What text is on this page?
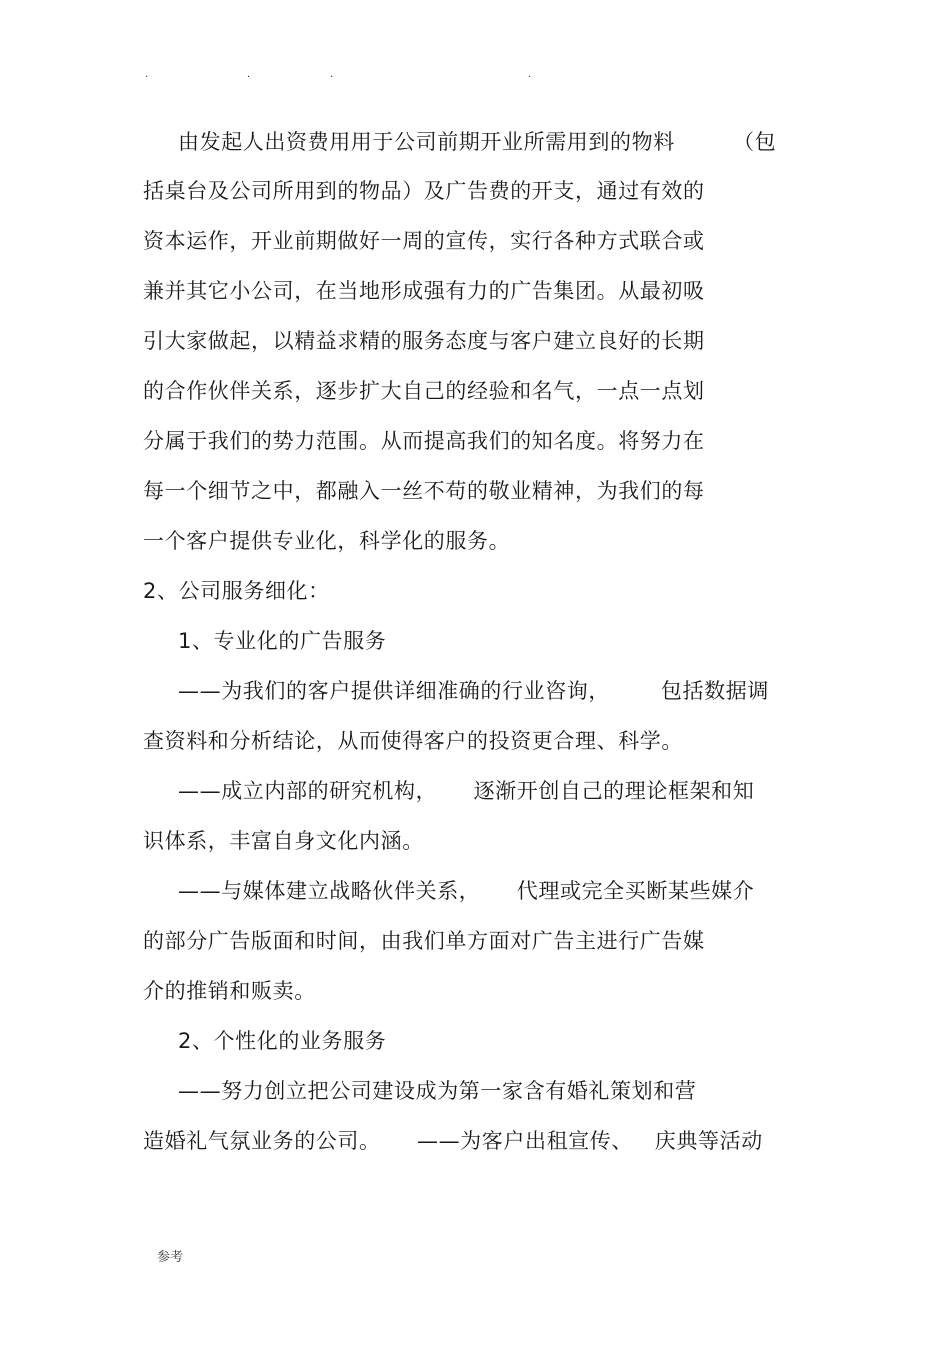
.	.	.	.
由发起人出资费用用于公司前期开业所需用到的物料        （包
括桌台及公司所用到的物品）及广告费的开支，通过有效的
资本运作，开业前期做好一周的宣传，实行各种方式联合或
兼并其它小公司，在当地形成强有力的广告集团。从最初吸
引大家做起，以精益求精的服务态度与客户建立良好的长期
的合作伙伴关系，逐步扩大自己的经验和名气，一点一点划
分属于我们的势力范围。从而提高我们的知名度。将努力在
每一个细节之中，都融入一丝不苟的敬业精神，为我们的每
一个客户提供专业化，科学化的服务。
2、公司服务细化：
1、专业化的广告服务
——为我们的客户提供详细准确的行业咨询，       包括数据调
查资料和分析结论，从而使得客户的投资更合理、科学。
——成立内部的研究机构，     逐渐开创自己的理论框架和知
识体系，丰富自身文化内涵。
——与媒体建立战略伙伴关系，     代理或完全买断某些媒介
的部分广告版面和时间，由我们单方面对广告主进行广告媒
介的推销和贩卖。
2、个性化的业务服务
——努力创立把公司建设成为第一家含有婚礼策划和营
造婚礼气氛业务的公司。     ——为客户出租宣传、   庆典等活动
参考
